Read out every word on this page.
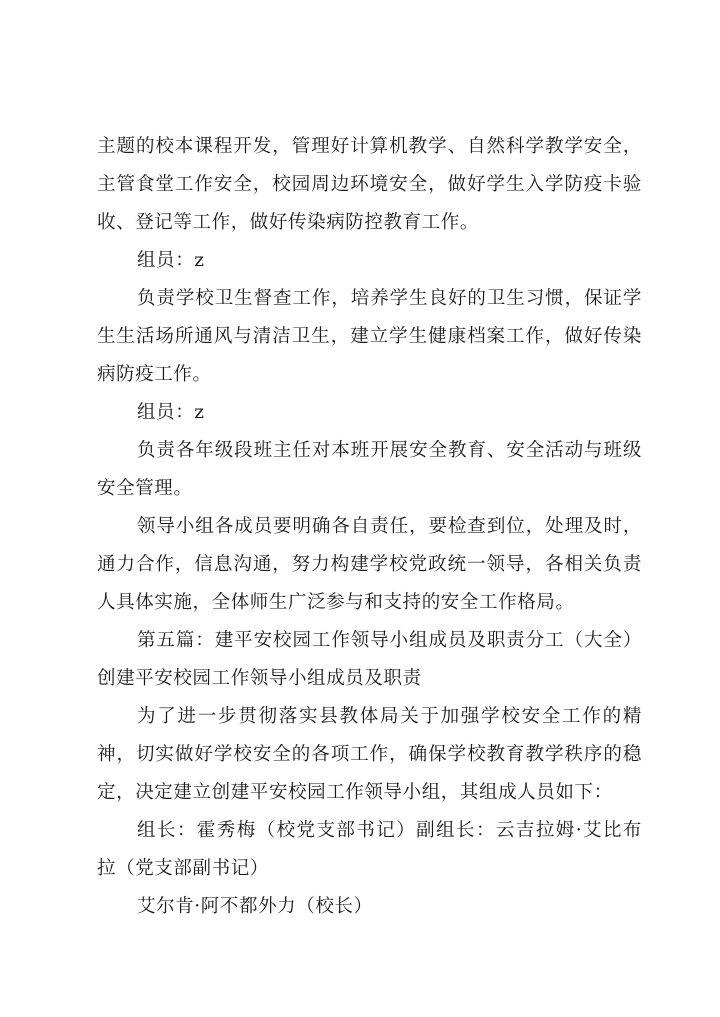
主题的校本课程开发，管理好计算机教学、自然科学教学安全，
主管食堂工作安全，校园周边环境安全，做好学生入学防疫卡验
收、登记等工作，做好传染病防控教育工作。

组员：z

负责学校卫生督查工作，培养学生良好的卫生习惯，保证学
生生活场所通风与清洁卫生，建立学生健康档案工作，做好传染
病防疫工作。

组员：z

负责各年级段班主任对本班开展安全教育、安全活动与班级
安全管理。

领导小组各成员要明确各自责任，要检查到位，处理及时，
通力合作，信息沟通，努力构建学校党政统一领导，各相关负责
人具体实施，全体师生广泛参与和支持的安全工作格局。

第五篇：建平安校园工作领导小组成员及职责分工（大全）
创建平安校园工作领导小组成员及职责

为了进一步贯彻落实县教体局关于加强学校安全工作的精
神，切实做好学校安全的各项工作，确保学校教育教学秩序的稳
定，决定建立创建平安校园工作领导小组，其组成人员如下：

组长：霍秀梅（校党支部书记）副组长：云吉拉姆·艾比布
拉（党支部副书记）

艾尔肯·阿不都外力（校长）
